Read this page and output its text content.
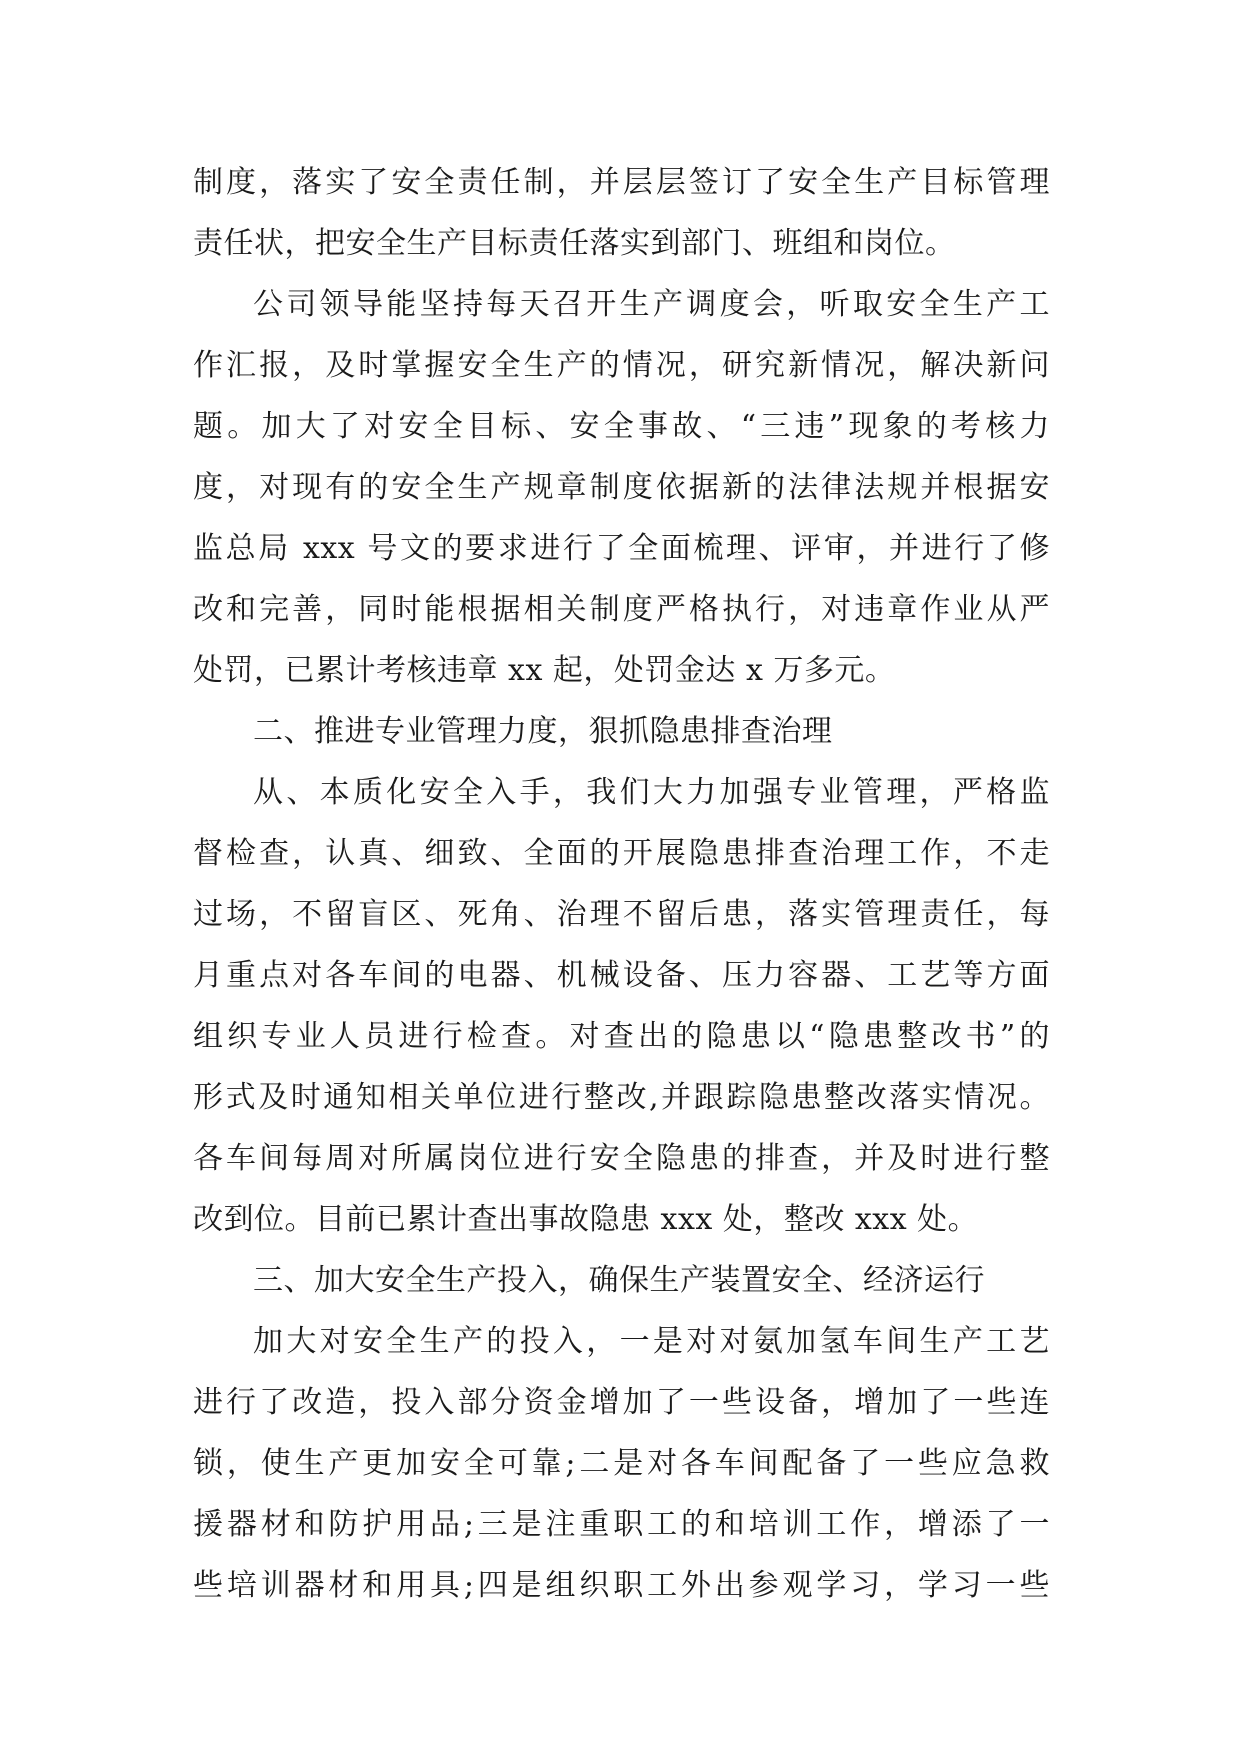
制度，落实了安全责任制，并层层签订了安全生产目标管理
责任状，把安全生产目标责任落实到部门、班组和岗位。
公司领导能坚持每天召开生产调度会，听取安全生产工
作汇报，及时掌握安全生产的情况，研究新情况，解决新问
题。加大了对安全目标、安全事故、“三违”现象的考核力
度，对现有的安全生产规章制度依据新的法律法规并根据安
监总局 xxx 号文的要求进行了全面梳理、评审，并进行了修
改和完善，同时能根据相关制度严格执行，对违章作业从严
处罚，已累计考核违章 xx 起，处罚金达 x 万多元。
二、推进专业管理力度，狠抓隐患排查治理
从、本质化安全入手，我们大力加强专业管理，严格监
督检查，认真、细致、全面的开展隐患排查治理工作，不走
过场，不留盲区、死角、治理不留后患，落实管理责任，每
月重点对各车间的电器、机械设备、压力容器、工艺等方面
组织专业人员进行检查。对查出的隐患以“隐患整改书”的
形式及时通知相关单位进行整改,并跟踪隐患整改落实情况。
各车间每周对所属岗位进行安全隐患的排查，并及时进行整
改到位。目前已累计查出事故隐患 xxx 处，整改 xxx 处。
三、加大安全生产投入，确保生产装置安全、经济运行
加大对安全生产的投入，一是对对氨加氢车间生产工艺
进行了改造，投入部分资金增加了一些设备，增加了一些连
锁，使生产更加安全可靠;二是对各车间配备了一些应急救
援器材和防护用品;三是注重职工的和培训工作，增添了一
些培训器材和用具;四是组织职工外出参观学习，学习一些
